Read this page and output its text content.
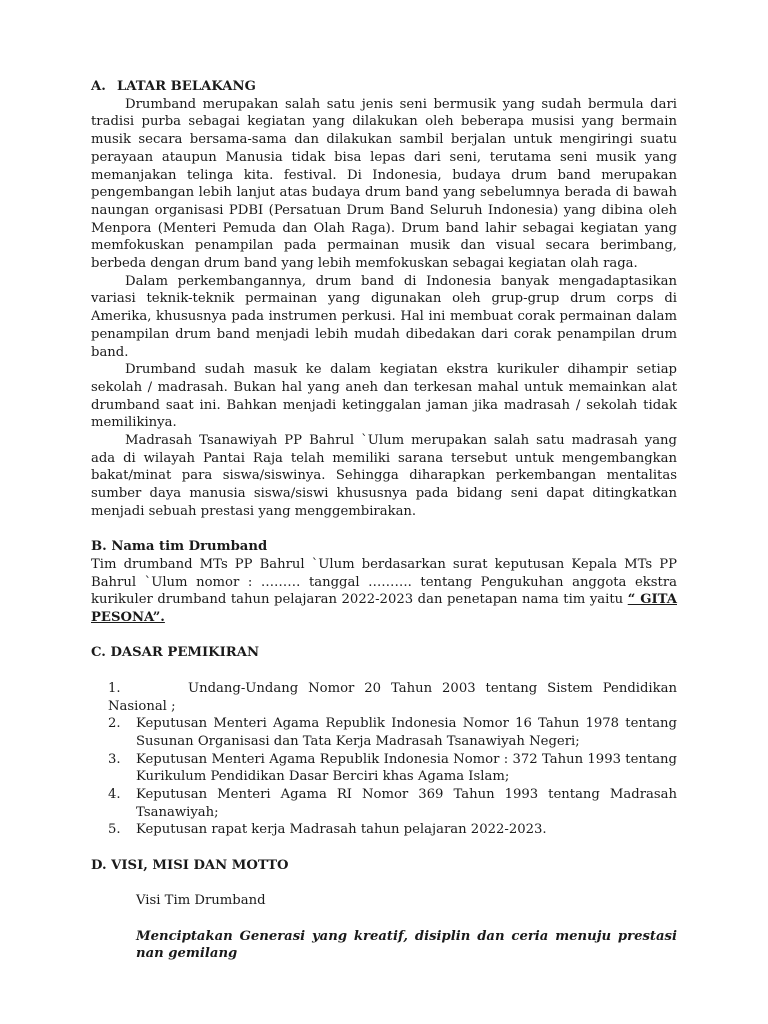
A. LATAR BELAKANG

Drumband merupakan salah satu jenis seni bermusik yang sudah bermula dari tradisi purba sebagai kegiatan yang dilakukan oleh beberapa musisi yang bermain musik secara bersama-sama dan dilakukan sambil berjalan untuk mengiringi suatu perayaan ataupun Manusia tidak bisa lepas dari seni, terutama seni musik yang memanjakan telinga kita. festival. Di Indonesia, budaya drum band merupakan pengembangan lebih lanjut atas budaya drum band yang sebelumnya berada di bawah naungan organisasi PDBI (Persatuan Drum Band Seluruh Indonesia) yang dibina oleh Menpora (Menteri Pemuda dan Olah Raga). Drum band lahir sebagai kegiatan yang memfokuskan penampilan pada permainan musik dan visual secara berimbang, berbeda dengan drum band yang lebih memfokuskan sebagai kegiatan olah raga.

Dalam perkembangannya, drum band di Indonesia banyak mengadaptasikan variasi teknik-teknik permainan yang digunakan oleh grup-grup drum corps di Amerika, khususnya pada instrumen perkusi. Hal ini membuat corak permainan dalam penampilan drum band menjadi lebih mudah dibedakan dari corak penampilan drum band.

Drumband sudah masuk ke dalam kegiatan ekstra kurikuler dihampir setiap sekolah / madrasah. Bukan hal yang aneh dan terkesan mahal untuk memainkan alat drumband saat ini. Bahkan menjadi ketinggalan jaman jika madrasah / sekolah tidak memilikinya.

Madrasah Tsanawiyah PP Bahrul `Ulum merupakan salah satu madrasah yang ada di wilayah Pantai Raja telah memiliki sarana tersebut untuk mengembangkan bakat/minat para siswa/siswinya. Sehingga diharapkan perkembangan mentalitas sumber daya manusia siswa/siswi khususnya pada bidang seni dapat ditingkatkan menjadi sebuah prestasi yang menggembirakan.

B. Nama tim Drumband

Tim drumband MTs PP Bahrul `Ulum berdasarkan surat keputusan Kepala MTs PP Bahrul `Ulum nomor : ……… tanggal ………. tentang Pengukuhan anggota ekstra kurikuler drumband tahun pelajaran 2022-2023 dan penetapan nama tim yaitu “ GITA PESONA”.

C. DASAR PEMIKIRAN
1.	Undang-Undang Nomor 20 Tahun 2003 tentang Sistem Pendidikan Nasional ;
2.	Keputusan Menteri Agama Republik Indonesia Nomor 16 Tahun 1978 tentang Susunan Organisasi dan Tata Kerja Madrasah Tsanawiyah Negeri;
3.	Keputusan Menteri Agama Republik Indonesia Nomor : 372 Tahun 1993 tentang Kurikulum Pendidikan Dasar Berciri khas Agama Islam;
4.	Keputusan Menteri Agama RI Nomor 369 Tahun 1993 tentang Madrasah Tsanawiyah;
5.	Keputusan rapat kerja Madrasah tahun pelajaran 2022-2023.
D. VISI, MISI DAN MOTTO
Visi Tim Drumband

Menciptakan Generasi yang kreatif, disiplin dan ceria menuju prestasi nan gemilang
